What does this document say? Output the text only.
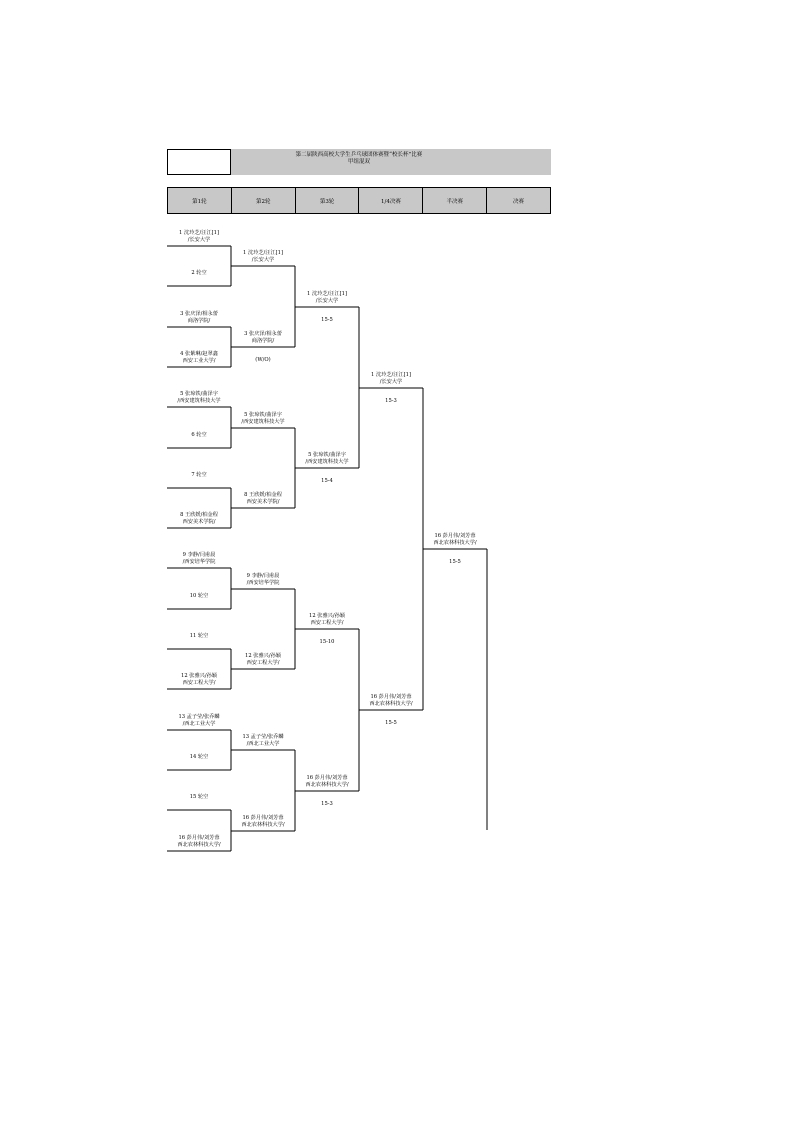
第二届陕西高校大学生乒乓球团体赛暨“校长杯”比赛
甲组混双
第1轮	第2轮	第3轮	1/4决赛	半决赛	决赛
1 沈玲芝/汪江[1]
/长安大学
2 轮空
3 张庆泽/相永蕾
商洛学院/
4 张紫琳/赵翠鑫
西安工业大学/
5 张琼铁/曲泽宇
/西安建筑科技大学
6 轮空
7 轮空
8 王欣媛/柏金程
西安美术学院/
9 李静/闫甫晨
/西安培华学院
10 轮空
11 轮空
12 张雅兴/孙颖
西安工程大学/
13 孟子莹/张乔麟
/西北工业大学
14 轮空
15 轮空
16 彭月伟/刘芳蓉
西北农林科技大学/
1 沈玲芝/汪江[1]
/长安大学
3 张庆泽/相永蕾
商洛学院/
(W/O)
5 张琼铁/曲泽宇
/西安建筑科技大学
8 王欣媛/柏金程
西安美术学院/
9 李静/闫甫晨
/西安培华学院
12 张雅兴/孙颖
西安工程大学/
13 孟子莹/张乔麟
/西北工业大学
16 彭月伟/刘芳蓉
西北农林科技大学/
1 沈玲芝/汪江[1]
/长安大学
15-5
5 张琼铁/曲泽宇
/西安建筑科技大学
15-4
12 张雅兴/孙颖
西安工程大学/
15-10
16 彭月伟/刘芳蓉
西北农林科技大学/
15-3
1 沈玲芝/汪江[1]
/长安大学
15-3
16 彭月伟/刘芳蓉
西北农林科技大学/
15-5
16 彭月伟/刘芳蓉
西北农林科技大学/
15-5
